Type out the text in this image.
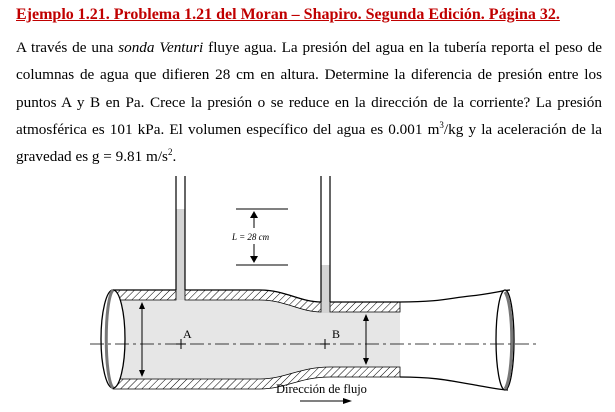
Ejemplo 1.21. Problema 1.21 del Moran – Shapiro. Segunda Edición. Página 32.
A través de una sonda Venturi fluye agua. La presión del agua en la tubería reporta el peso de columnas de agua que difieren 28 cm en altura. Determine la diferencia de presión entre los puntos A y B en Pa. Crece la presión o se reduce en la dirección de la corriente? La presión atmosférica es 101 kPa. El volumen específico del agua es 0.001 $m^3/kg$ y la aceleración de la gravedad es g = 9.81 $m/s^2$.
L = 28 cm
A	B
Dirección de flujo
